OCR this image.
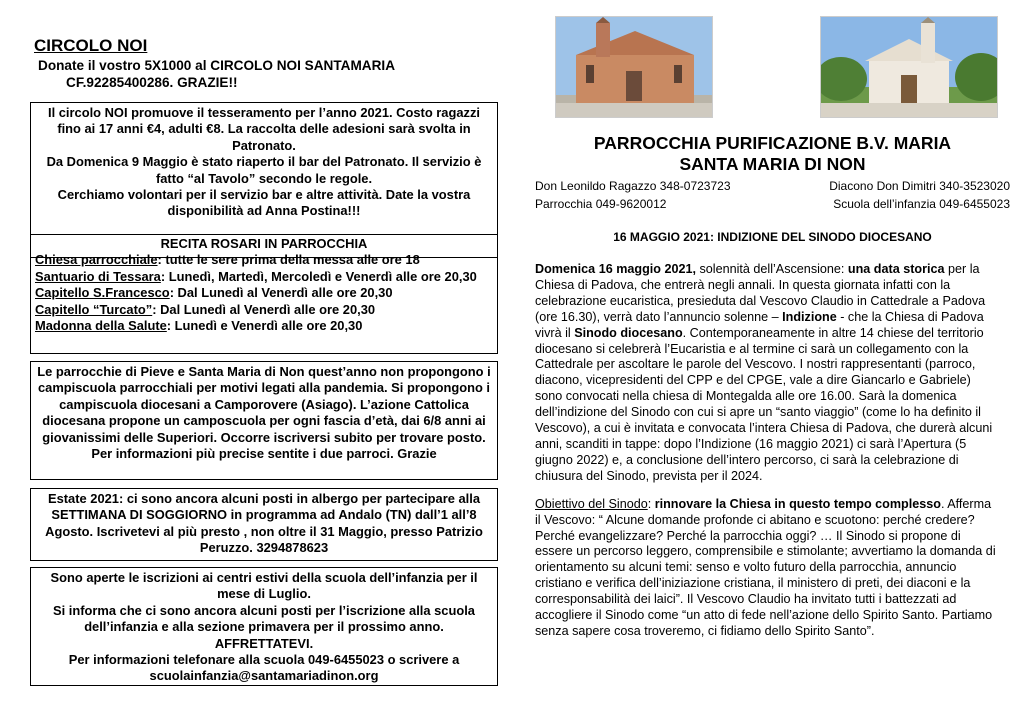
CIRCOLO NOI
Donate il vostro 5X1000 al CIRCOLO NOI SANTAMARIA
CF.92285400286. GRAZIE!!

Il circolo NOI promuove il tesseramento per l’anno 2021. Costo ragazzi fino ai 17 anni €4, adulti €8. La raccolta delle adesioni sarà svolta in Patronato.

Da Domenica 9 Maggio è stato riaperto il bar del Patronato. Il servizio è fatto “al Tavolo” secondo le regole.

Cerchiamo volontari per il servizio bar e altre attività. Date la vostra disponibilità ad Anna Postina!!!

RECITA ROSARI IN PARROCCHIA

Chiesa parrocchiale: tutte le sere prima della messa alle ore 18

Santuario di Tessara: Lunedì, Martedì, Mercoledì e Venerdì alle ore 20,30

Capitello S.Francesco: Dal Lunedì al Venerdì alle ore 20,30

Capitello “Turcato”: Dal Lunedì al Venerdì alle ore 20,30

Madonna della Salute: Lunedì e Venerdì alle ore 20,30

Le parrocchie di Pieve e Santa Maria di Non quest’anno non propongono i campiscuola parrocchiali per motivi legati alla pandemia. Si propongono i campiscuola diocesani a Camporovere (Asiago). L’azione Cattolica diocesana propone un camposcuola per ogni fascia d’età, dai 6/8 anni ai giovanissimi delle Superiori. Occorre iscriversi subito per trovare posto. Per informazioni più precise sentite i due parroci. Grazie

Estate 2021: ci sono ancora alcuni posti in albergo per partecipare alla SETTIMANA DI SOGGIORNO in programma ad Andalo (TN) dall’1 all’8 Agosto. Iscrivetevi al più presto , non oltre il 31 Maggio, presso Patrizio Peruzzo. 3294878623

Sono aperte le iscrizioni ai centri estivi della scuola dell’infanzia per il mese di Luglio.

Si informa che ci sono ancora alcuni posti per l’iscrizione alla scuola dell’infanzia e alla sezione primavera per il prossimo anno. AFFRETTATEVI.

Per informazioni telefonare alla scuola 049-6455023 o scrivere a scuolainfanzia@santamariadinon.org

PARROCCHIA PURIFICAZIONE B.V. MARIA
SANTA MARIA DI NON
Don Leonildo Ragazzo 348-0723723	Diacono Don Dimitri 340-3523020
Parrocchia 049-9620012	Scuola dell’infanzia 049-6455023
16 MAGGIO 2021: INDIZIONE DEL SINODO DIOCESANO

Domenica 16 maggio 2021, solennità dell’Ascensione: una data storica per la Chiesa di Padova, che entrerà negli annali. In questa giornata infatti con la celebrazione eucaristica, presieduta dal Vescovo Claudio in Cattedrale a Padova (ore 16.30), verrà dato l’annuncio solenne – Indizione - che la Chiesa di Padova vivrà il Sinodo diocesano. Contemporaneamente in altre 14 chiese del territorio diocesano si celebrerà l’Eucaristia e al termine ci sarà un collegamento con la Cattedrale per ascoltare le parole del Vescovo. I nostri rappresentanti (parroco, diacono, vicepresidenti del CPP e del CPGE, vale a dire Giancarlo e Gabriele) sono convocati nella chiesa di Montegalda alle ore 16.00. Sarà la domenica dell’indizione del Sinodo con cui si apre un “santo viaggio” (come lo ha definito il Vescovo), a cui è invitata e convocata l’intera Chiesa di Padova, che durerà alcuni anni, scanditi in tappe: dopo l’Indizione (16 maggio 2021) ci sarà l’Apertura (5 giugno 2022) e, a conclusione dell’intero percorso, ci sarà la celebrazione di chiusura del Sinodo, prevista per il 2024.

Obiettivo del Sinodo: rinnovare la Chiesa in questo tempo complesso. Afferma il Vescovo: “ Alcune domande profonde ci abitano e scuotono: perché credere? Perché evangelizzare? Perché la parrocchia oggi? … Il Sinodo si propone di essere un percorso leggero, comprensibile e stimolante; avvertiamo la domanda di orientamento su alcuni temi: senso e volto futuro della parrocchia, annuncio cristiano e verifica dell’iniziazione cristiana, il ministero di preti, dei diaconi e la corresponsabilità dei laici”. Il Vescovo Claudio ha invitato tutti i battezzati ad accogliere il Sinodo come “un atto di fede nell’azione dello Spirito Santo. Partiamo senza sapere cosa troveremo, ci fidiamo dello Spirito Santo”.
